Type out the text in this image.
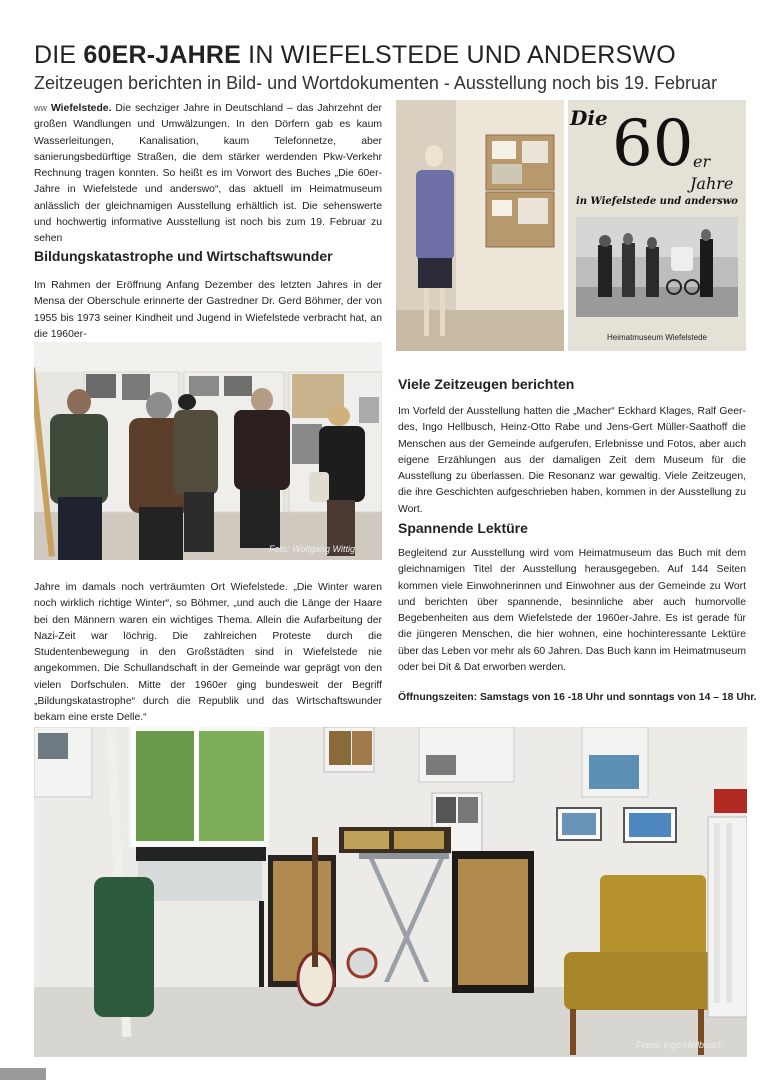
DIE 60ER-JAHRE IN WIEFELSTEDE UND ANDERSWO
Zeitzeugen berichten in Bild- und Wortdokumenten - Ausstellung noch bis 19. Februar

ww Wiefelstede. Die sechziger Jahre in Deutschland – das Jahrzehnt der großen Wandlungen und Umwälzungen. In den Dörfern gab es kaum Wasserleitungen, Kanalisation, kaum Telefonnetze, aber sanierungsbedürftige Straßen, die dem stärker werdenden Pkw-Verkehr Rechnung tragen konnten. So heißt es im Vorwort des Buches „Die 60er-Jahre in Wiefelstede und anderswo“, das aktuell im Heimatmuseum anlässlich der gleichnamigen Ausstellung erhältlich ist. Die sehenswerte und hochwertig informative Ausstellung ist noch bis zum 19. Februar zu sehen

Bildungskatastrophe und Wirtschaftswunder

Im Rahmen der Eröffnung Anfang Dezember des letzten Jahres in der Mensa der Oberschule erinnerte der Gastredner Dr. Gerd Böhmer, der von 1955 bis 1973 seiner Kindheit und Jugend in Wiefelstede verbracht hat, an die 1960er-

Foto: Wolfgang Wittig

Jahre im damals noch verträumten Ort Wiefelstede. „Die Winter waren noch wirklich richtige Winter“, so Böhmer, „und auch die Länge der Haare bei den Männern waren ein wichtiges Thema. Allein die Aufarbeitung der Nazi-Zeit war löchrig. Die zahlreichen Proteste durch die Studentenbewegung in den Großstädten sind in Wiefelstede nie angekommen. Die Schullandschaft in der Gemeinde war geprägt von den vielen Dorfschulen. Mitte der 1960er ging bundesweit der Begriff „Bildungskatastrophe“ durch die Republik und das Wirtschaftswunder bekam eine erste Delle.“

Die 60 er
Jahre
in Wiefelstede und anderswo
Heimatmuseum Wiefelstede
Viele Zeitzeugen berichten

Im Vorfeld der Ausstellung hatten die „Macher“ Eckhard Klages, Ralf Geerdes, Ingo Hellbusch, Heinz-Otto Rabe und Jens-Gert Müller-Saathoff die Menschen aus der Gemeinde aufgerufen, Erlebnisse und Fotos, aber auch eigene Erzählungen aus der damaligen Zeit dem Museum für die Ausstellung zu überlassen. Die Resonanz war gewaltig. Viele Zeitzeugen, die ihre Geschichten aufgeschrieben haben, kommen in der Ausstellung zu Wort.

Spannende Lektüre

Begleitend zur Ausstellung wird vom Heimatmuseum das Buch mit dem gleichnamigen Titel der Ausstellung herausgegeben. Auf 144 Seiten kommen viele Einwohnerinnen und Einwohner aus der Gemeinde zu Wort und berichten über spannende, besinnliche aber auch humorvolle Begebenheiten aus dem Wiefelstede der 1960er-Jahre. Es ist gerade für die jüngeren Menschen, die hier wohnen, eine hochinteressante Lektüre über das Leben vor mehr als 60 Jahren. Das Buch kann im Heimatmuseum oder bei Dit & Dat erworben werden.

Öffnungszeiten: Samstags von 16 -18 Uhr und sonntags von 14 – 18 Uhr.
Fotos: Ingo Hellbusch
